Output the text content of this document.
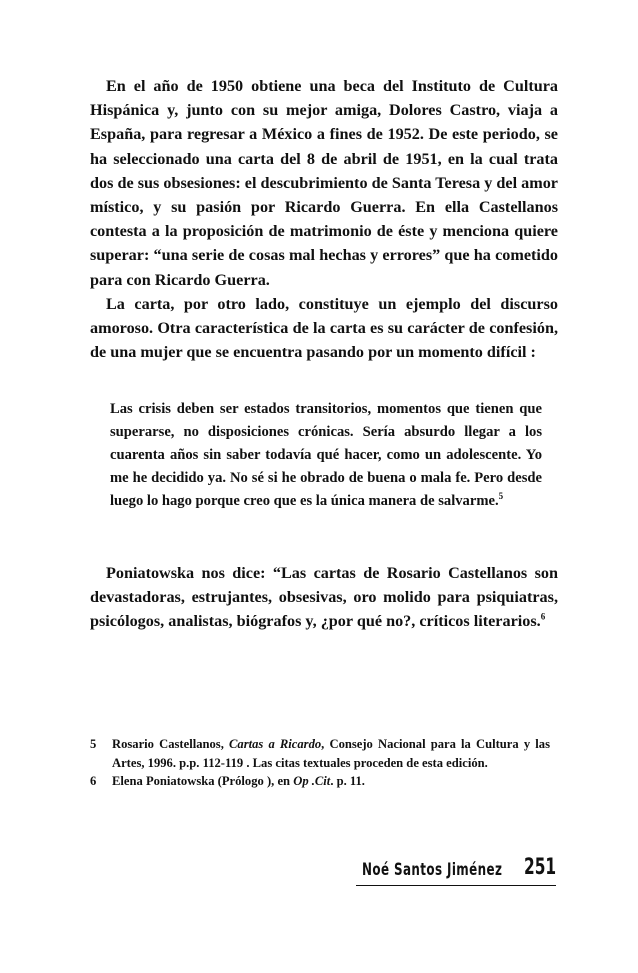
En el año de 1950 obtiene una beca del Instituto de Cultura Hispánica y, junto con su mejor amiga, Dolores Castro, viaja a España, para regresar a México a fines de 1952. De este periodo, se ha seleccionado una carta del 8 de abril de 1951, en la cual trata dos de sus obsesiones: el descubrimiento de Santa Teresa y del amor místico, y su pasión por Ricardo Guerra. En ella Castellanos contesta a la proposición de matrimonio de éste y menciona quiere superar: “una serie de cosas mal hechas y errores” que ha cometido para con Ricardo Guerra.

La carta, por otro lado, constituye un ejemplo del discurso amoroso. Otra característica de la carta es su carácter de confesión, de una mujer que se encuentra pasando por un momento difícil :

Las crisis deben ser estados transitorios, momentos que tienen que superarse, no disposiciones crónicas. Sería absurdo llegar a los cuarenta años sin saber todavía qué hacer, como un adolescente. Yo me he decidido ya. No sé si he obrado de buena o mala fe. Pero desde luego lo hago porque creo que es la única manera de salvarme.$^5$

Poniatowska nos dice: “Las cartas de Rosario Castellanos son devastadoras, estrujantes, obsesivas, oro molido para psiquiatras, psicólogos, analistas, biógrafos y, ¿por qué no?, críticos literarios.$^6$

5 Rosario Castellanos, Cartas a Ricardo, Consejo Nacional para la Cultura y las Artes, 1996. p.p. 112-119 . Las citas textuales proceden de esta edición.
6 Elena Poniatowska (Prólogo ), en Op .Cit. p. 11.
Noé Santos Jiménez 251
